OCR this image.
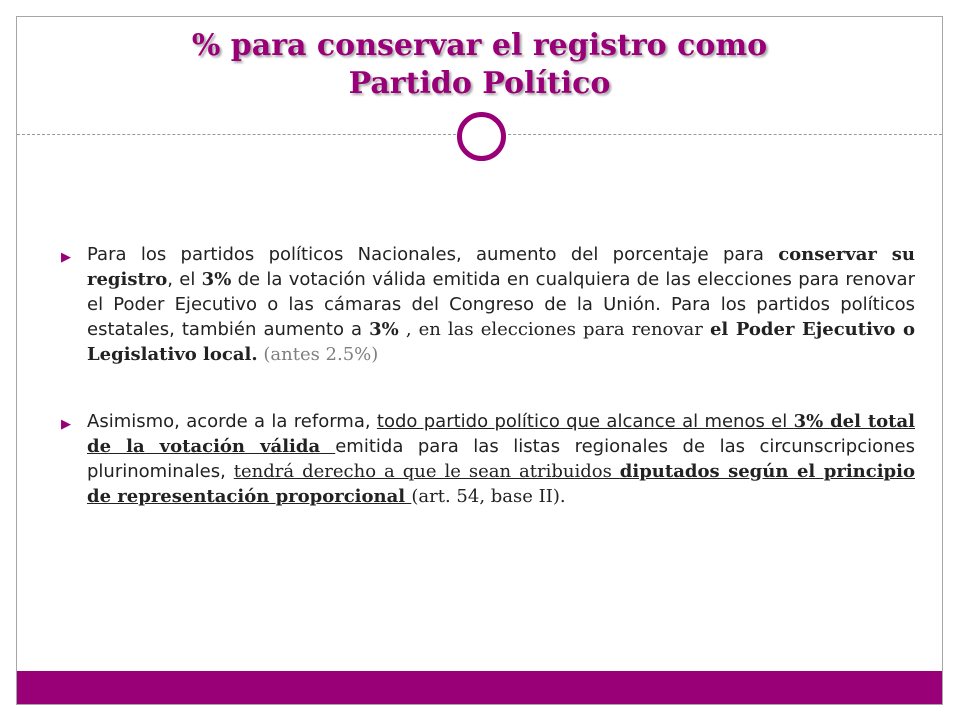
% para conservar el registro como
Partido Político
▶ Para los partidos políticos Nacionales, aumento del porcentaje para conservar su registro, el 3% de la votación válida emitida en cualquiera de las elecciones para renovar el Poder Ejecutivo o las cámaras del Congreso de la Unión. Para los partidos políticos estatales, también aumento a 3% , en las elecciones para renovar el Poder Ejecutivo o Legislativo local. (antes 2.5%)
▶ Asimismo, acorde a la reforma, todo partido político que alcance al menos el 3% del total de la votación válida emitida para las listas regionales de las circunscripciones plurinominales, tendrá derecho a que le sean atribuidos diputados según el principio de representación proporcional (art. 54, base II).
